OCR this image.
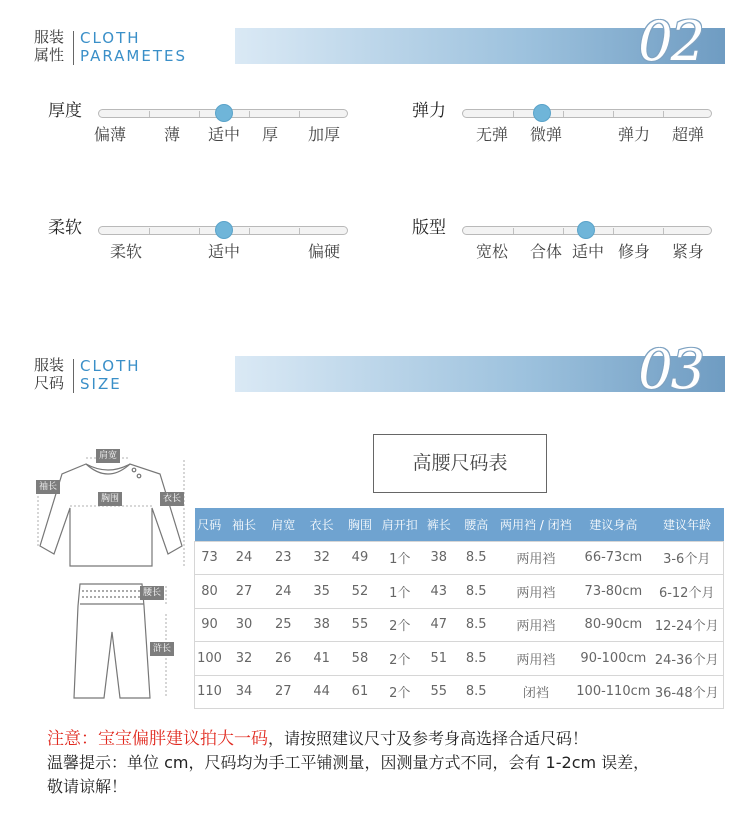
服装
属性
CLOTH
PARAMETES	02
厚度
偏薄 薄 适中 厚 加厚
弹力
无弹 微弹	弹力 超弹
柔软
柔软	适中	偏硬
版型
宽松 合体 适中 修身 紧身
服装
尺码
CLOTH
SIZE	03
肩宽
袖长
胸围	衣长
腰长
浒长
高腰尺码表
尺码	袖长	肩宽	衣长	胸围	肩开扣	裤长	腰高	两用裆 / 闭裆	建议身高	建议年龄
73	24	23	32	49	1个	38	8.5	两用裆	66-73cm	3-6个月
80	27	24	35	52	1个	43	8.5	两用裆	73-80cm	6-12个月
90	30	25	38	55	2个	47	8.5	两用裆	80-90cm	12-24个月
100	32	26	41	58	2个	51	8.5	两用裆	90-100cm	24-36个月
110	34	27	44	61	2个	55	8.5	闭裆	100-110cm	36-48个月
注意：宝宝偏胖建议拍大一码，请按照建议尺寸及参考身高选择合适尺码！
温馨提示：单位 cm，尺码均为手工平铺测量，因测量方式不同，会有 1-2cm 误差，
敬请谅解！
